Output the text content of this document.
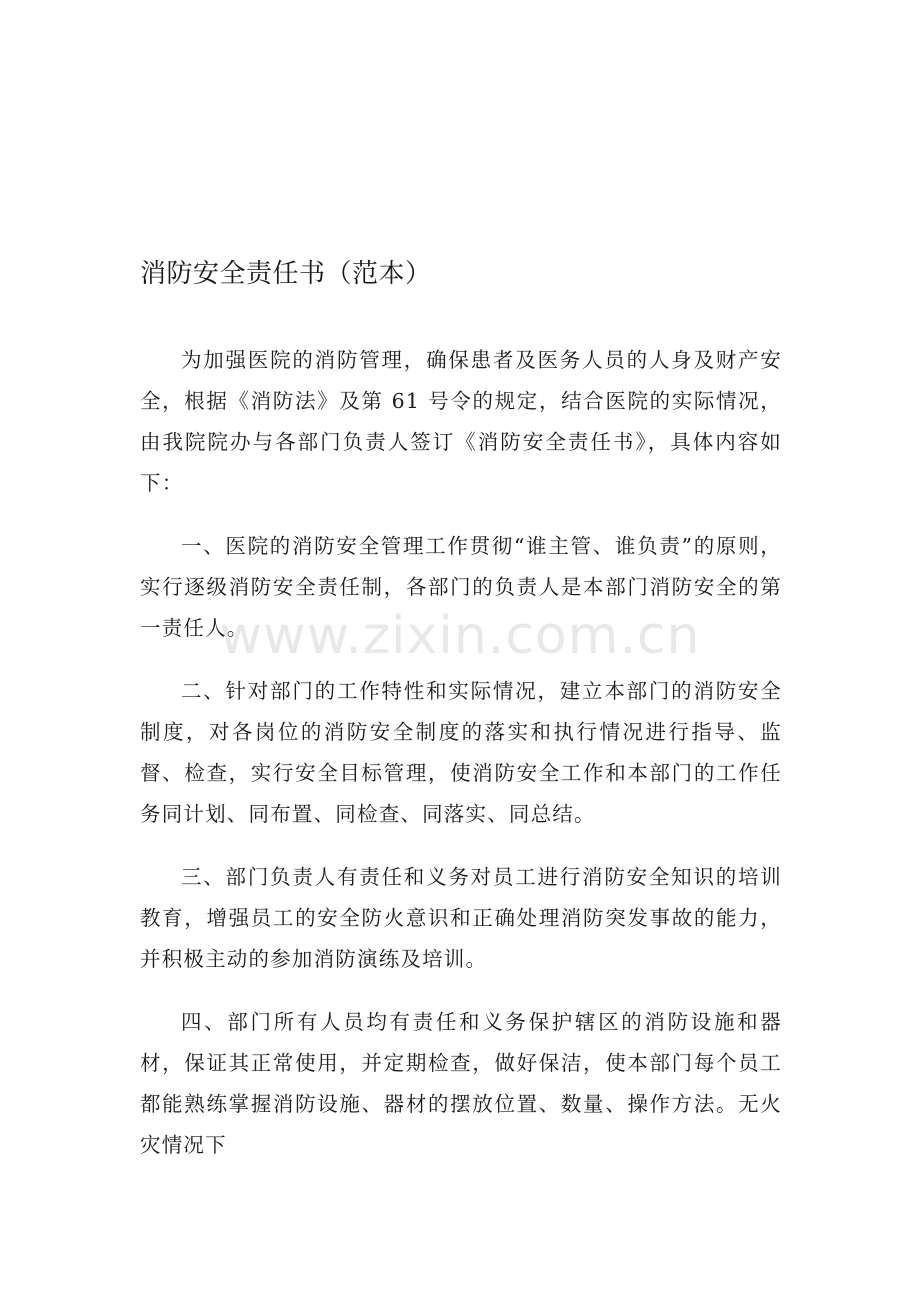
消防安全责任书（范本）

为加强医院的消防管理，确保患者及医务人员的人身及财产安全，根据《消防法》及第 61 号令的规定，结合医院的实际情况，由我院院办与各部门负责人签订《消防安全责任书》，具体内容如下：

一、医院的消防安全管理工作贯彻“谁主管、谁负责”的原则，实行逐级消防安全责任制，各部门的负责人是本部门消防安全的第一责任人。

二、针对部门的工作特性和实际情况，建立本部门的消防安全制度，对各岗位的消防安全制度的落实和执行情况进行指导、监督、检查，实行安全目标管理，使消防安全工作和本部门的工作任务同计划、同布置、同检查、同落实、同总结。

三、部门负责人有责任和义务对员工进行消防安全知识的培训教育，增强员工的安全防火意识和正确处理消防突发事故的能力，并积极主动的参加消防演练及培训。

四、部门所有人员均有责任和义务保护辖区的消防设施和器材，保证其正常使用，并定期检查，做好保洁，使本部门每个员工都能熟练掌握消防设施、器材的摆放位置、数量、操作方法。无火灾情况下

www.zixin.com.cn
